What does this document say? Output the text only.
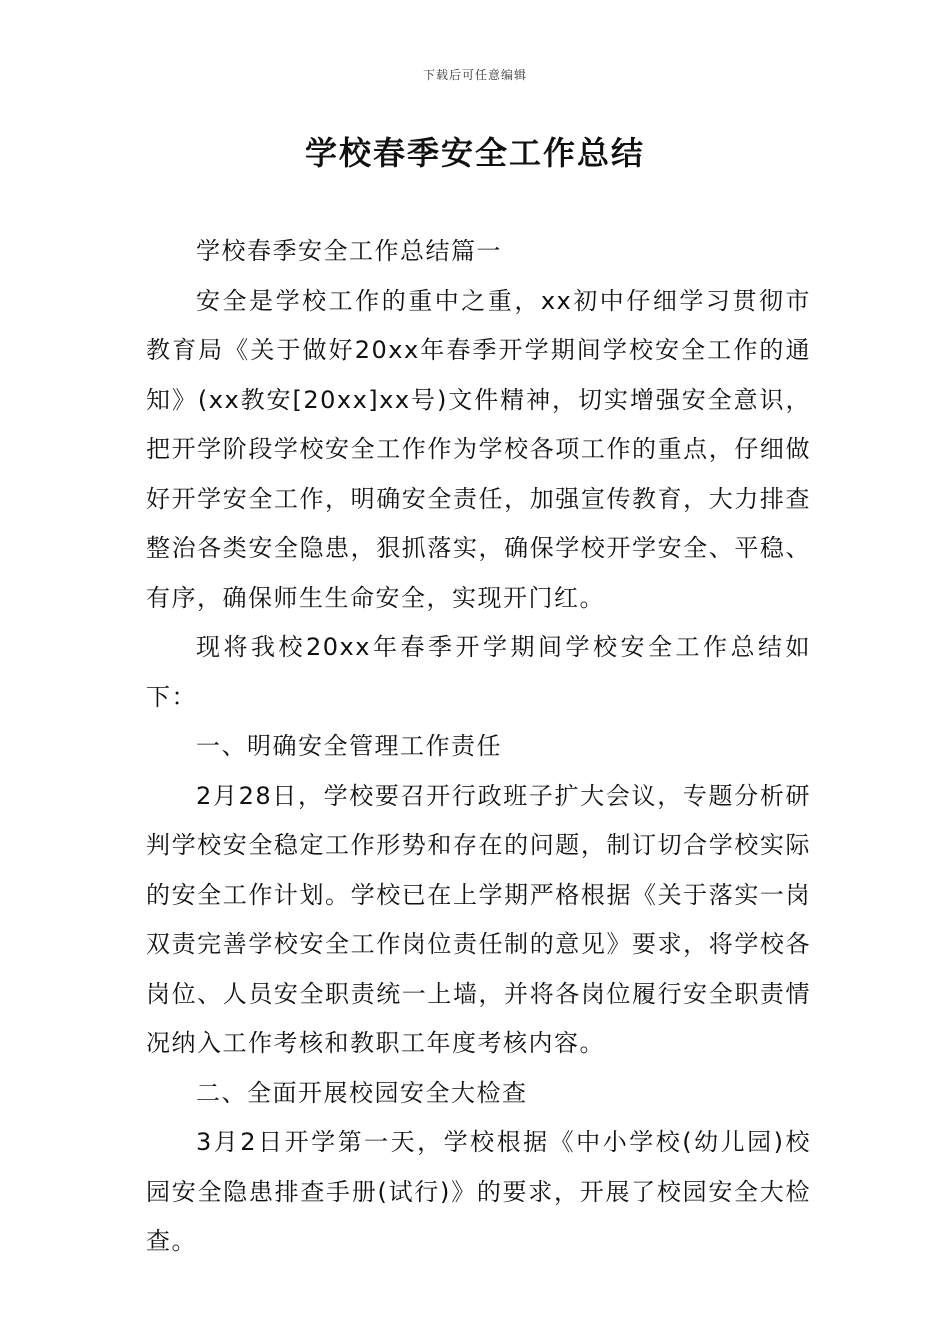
下载后可任意编辑
学校春季安全工作总结

学校春季安全工作总结篇一

安全是学校工作的重中之重，xx初中仔细学习贯彻市教育局《关于做好20xx年春季开学期间学校安全工作的通知》(xx教安[20xx]xx号)文件精神，切实增强安全意识，把开学阶段学校安全工作作为学校各项工作的重点，仔细做好开学安全工作，明确安全责任，加强宣传教育，大力排查整治各类安全隐患，狠抓落实，确保学校开学安全、平稳、有序，确保师生生命安全，实现开门红。

现将我校20xx年春季开学期间学校安全工作总结如下：

一、明确安全管理工作责任

2月28日，学校要召开行政班子扩大会议，专题分析研判学校安全稳定工作形势和存在的问题，制订切合学校实际的安全工作计划。学校已在上学期严格根据《关于落实一岗双责完善学校安全工作岗位责任制的意见》要求，将学校各岗位、人员安全职责统一上墙，并将各岗位履行安全职责情况纳入工作考核和教职工年度考核内容。

二、全面开展校园安全大检查

3月2日开学第一天，学校根据《中小学校(幼儿园)校园安全隐患排查手册(试行)》的要求，开展了校园安全大检查。
